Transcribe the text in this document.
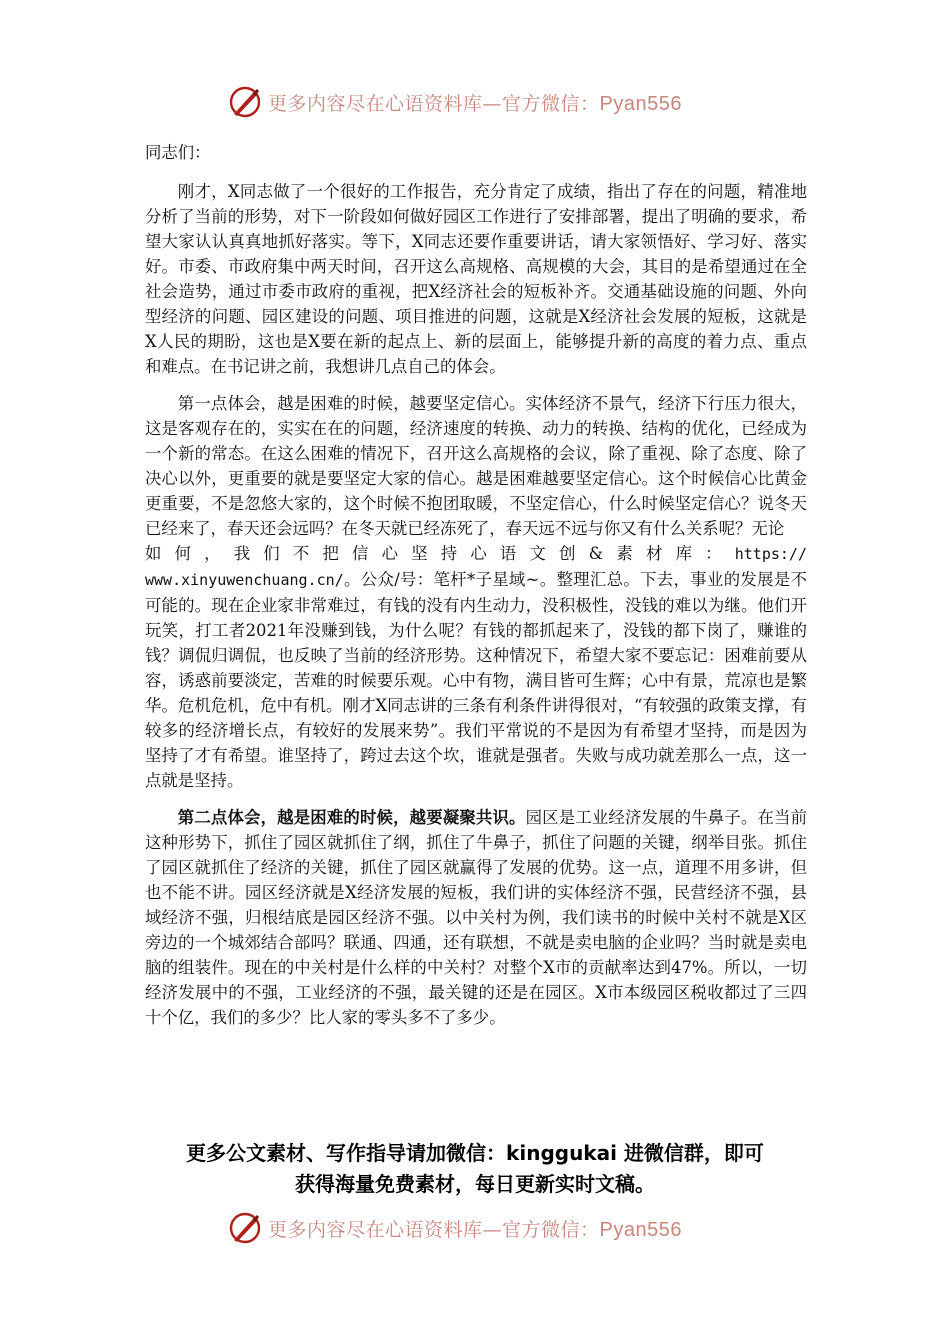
更多内容尽在心语资料库—官方微信：Pyan556

同志们：

刚才，X同志做了一个很好的工作报告，充分肯定了成绩，指出了存在的问题，精准地分析了当前的形势，对下一阶段如何做好园区工作进行了安排部署，提出了明确的要求，希望大家认认真真地抓好落实。等下，X同志还要作重要讲话，请大家领悟好、学习好、落实好。市委、市政府集中两天时间，召开这么高规格、高规模的大会，其目的是希望通过在全社会造势，通过市委市政府的重视，把X经济社会的短板补齐。交通基础设施的问题、外向型经济的问题、园区建设的问题、项目推进的问题，这就是X经济社会发展的短板，这就是X人民的期盼，这也是X要在新的起点上、新的层面上，能够提升新的高度的着力点、重点和难点。在书记讲之前，我想讲几点自己的体会。

第一点体会，越是困难的时候，越要坚定信心。实体经济不景气，经济下行压力很大，这是客观存在的，实实在在的问题，经济速度的转换、动力的转换、结构的优化，已经成为一个新的常态。在这么困难的情况下，召开这么高规格的会议，除了重视、除了态度、除了决心以外，更重要的就是要坚定大家的信心。越是困难越要坚定信心。这个时候信心比黄金更重要，不是忽悠大家的，这个时候不抱团取暖，不坚定信心，什么时候坚定信心？说冬天已经来了，春天还会远吗？在冬天就已经冻死了，春天远不远与你又有什么关系呢？无论

如何，我们不把信心坚持心语文创&素材库：https://

www.xinyuwenchuang.cn/。公众/号：笔杆*子星域~。整理汇总。下去，事业的发展是不可能的。现在企业家非常难过，有钱的没有内生动力，没积极性，没钱的难以为继。他们开玩笑，打工者2021年没赚到钱，为什么呢？有钱的都抓起来了，没钱的都下岗了，赚谁的钱？调侃归调侃，也反映了当前的经济形势。这种情况下，希望大家不要忘记：困难前要从容，诱惑前要淡定，苦难的时候要乐观。心中有物，满目皆可生辉；心中有景，荒凉也是繁华。危机危机，危中有机。刚才X同志讲的三条有利条件讲得很对，“有较强的政策支撑，有较多的经济增长点，有较好的发展来势”。我们平常说的不是因为有希望才坚持，而是因为坚持了才有希望。谁坚持了，跨过去这个坎，谁就是强者。失败与成功就差那么一点，这一点就是坚持。

第二点体会，越是困难的时候，越要凝聚共识。园区是工业经济发展的牛鼻子。在当前这种形势下，抓住了园区就抓住了纲，抓住了牛鼻子，抓住了问题的关键，纲举目张。抓住了园区就抓住了经济的关键，抓住了园区就赢得了发展的优势。这一点，道理不用多讲，但也不能不讲。园区经济就是X经济发展的短板，我们讲的实体经济不强，民营经济不强，县域经济不强，归根结底是园区经济不强。以中关村为例，我们读书的时候中关村不就是X区旁边的一个城郊结合部吗？联通、四通，还有联想，不就是卖电脑的企业吗？当时就是卖电脑的组装件。现在的中关村是什么样的中关村？对整个X市的贡献率达到47%。所以，一切经济发展中的不强，工业经济的不强，最关键的还是在园区。X市本级园区税收都过了三四十个亿，我们的多少？比人家的零头多不了多少。

更多公文素材、写作指导请加微信：kinggukai 进微信群，即可
获得海量免费素材，每日更新实时文稿。
更多内容尽在心语资料库—官方微信：Pyan556
